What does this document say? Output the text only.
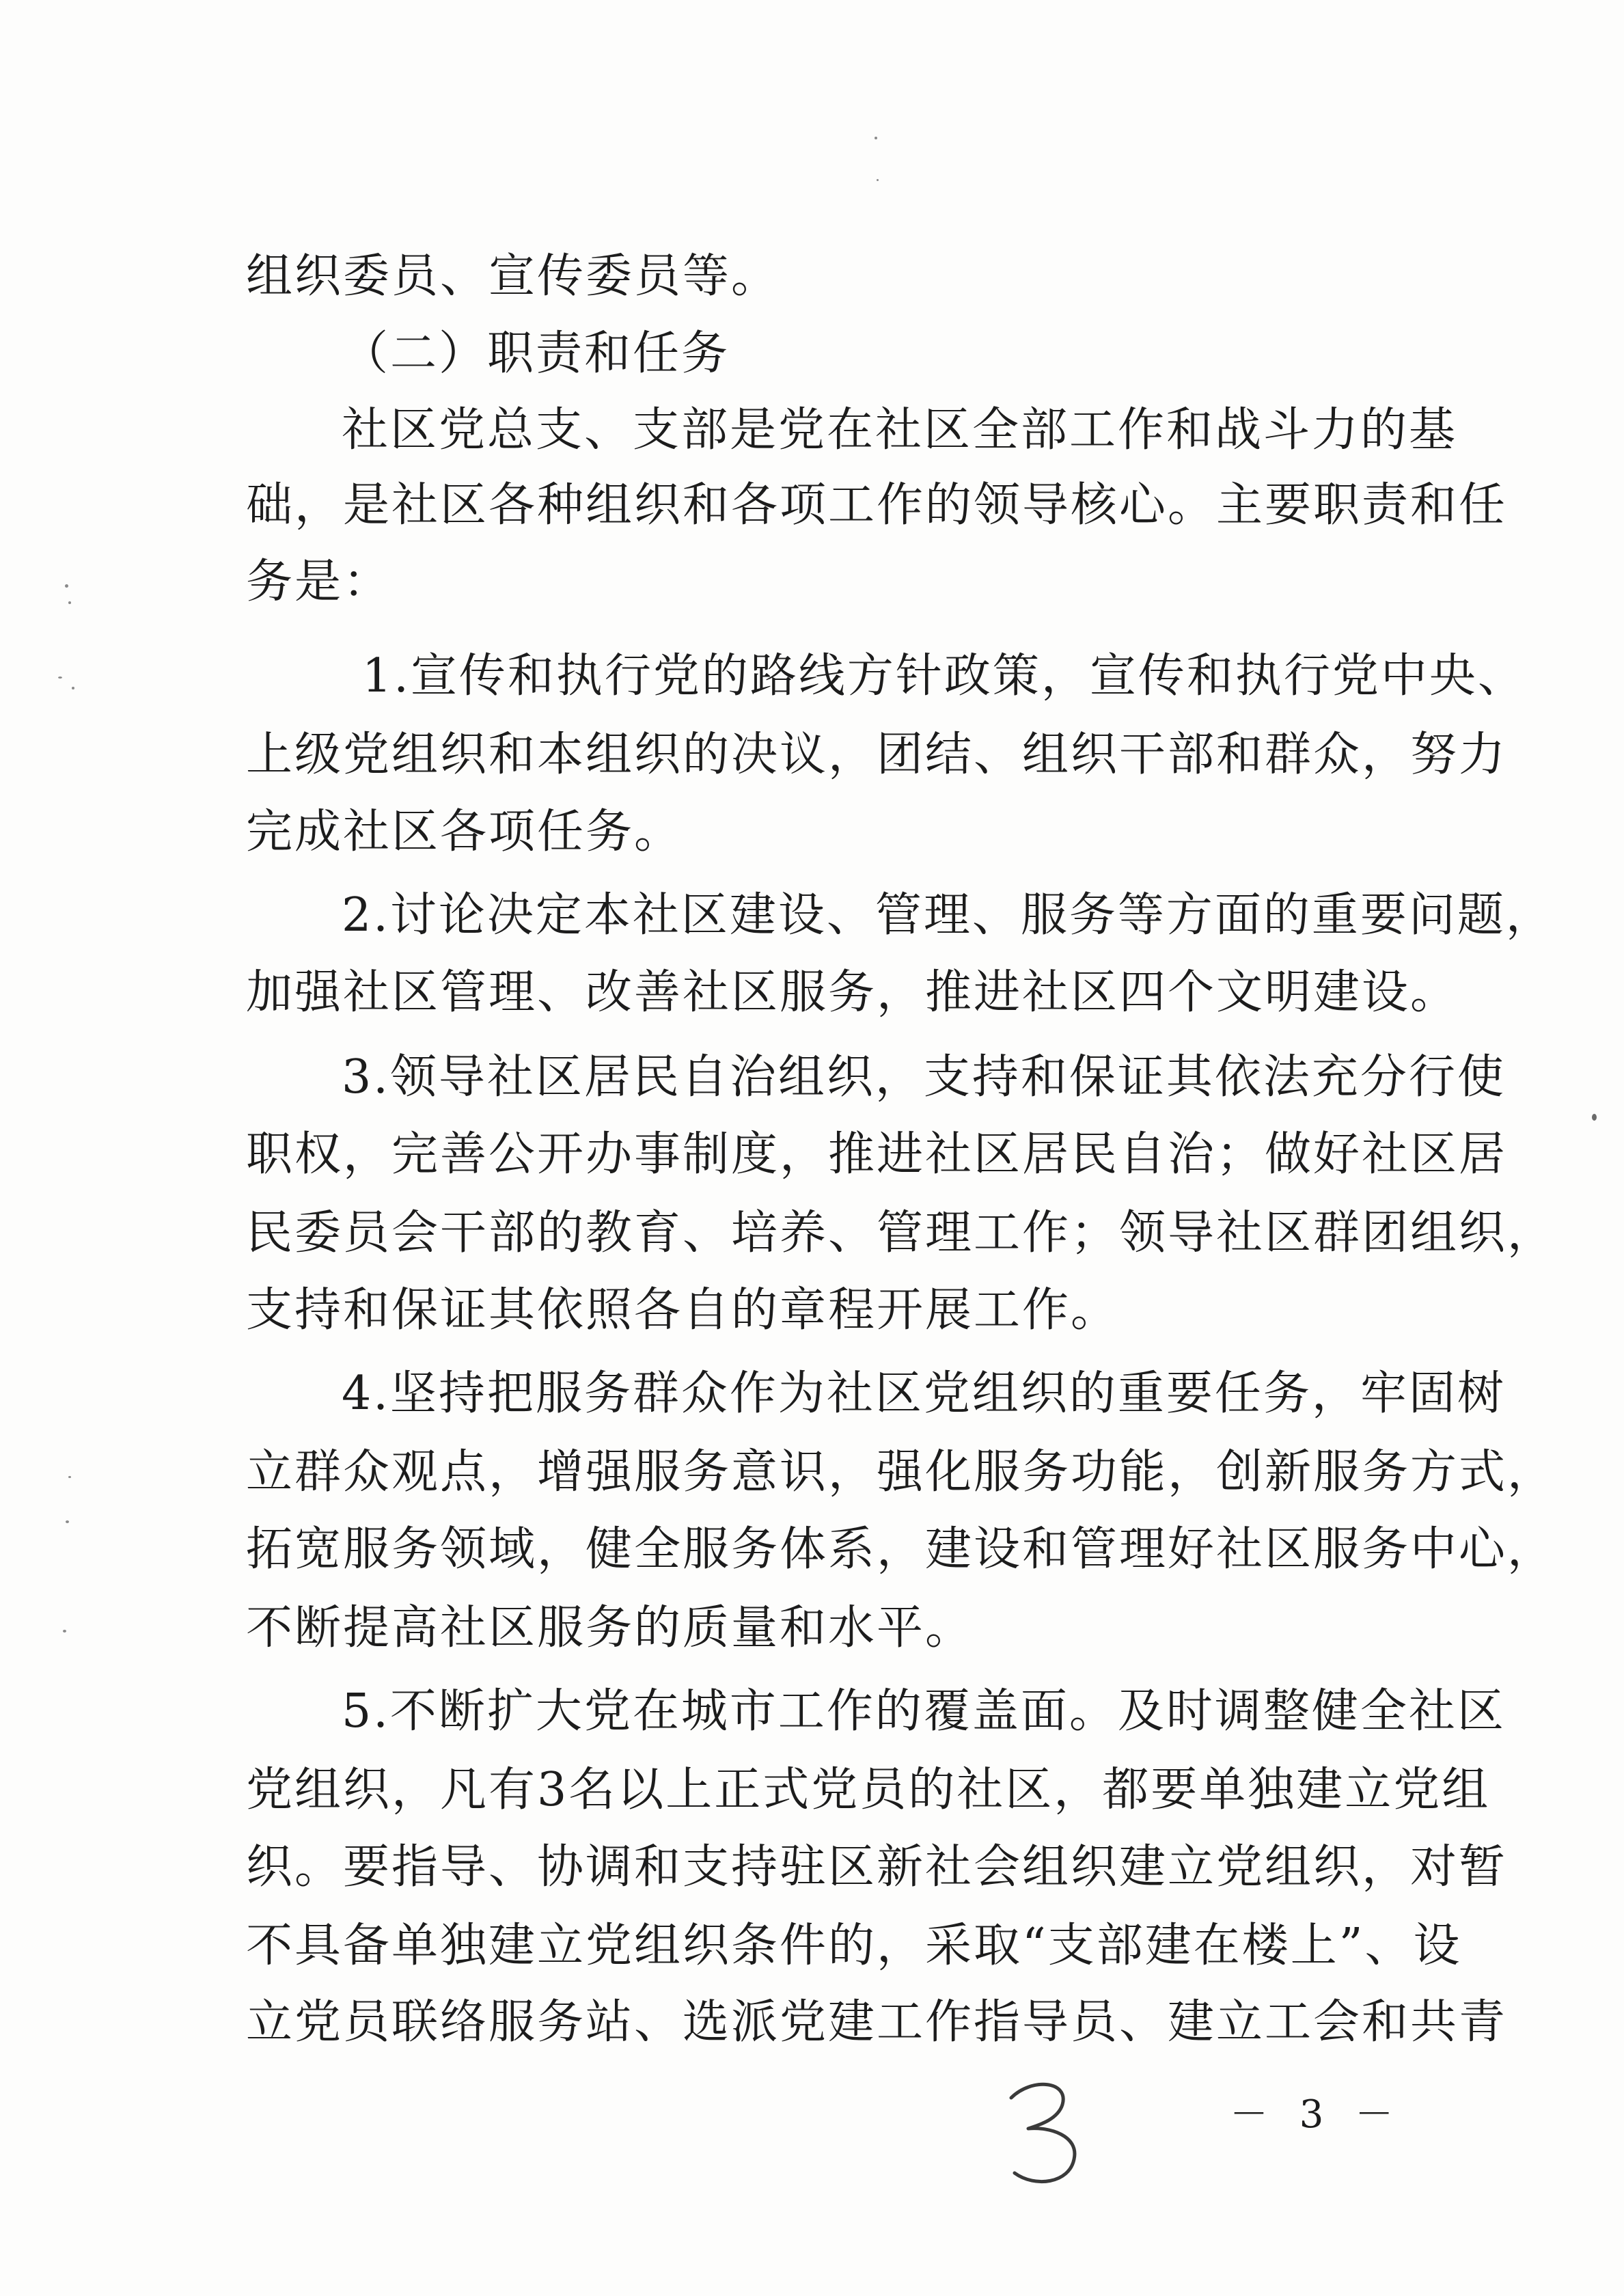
组织委员、宣传委员等。
（二）职责和任务
社区党总支、支部是党在社区全部工作和战斗力的基
础，是社区各种组织和各项工作的领导核心。主要职责和任
务是：
1.宣传和执行党的路线方针政策，宣传和执行党中央、
上级党组织和本组织的决议，团结、组织干部和群众，努力
完成社区各项任务。
2.讨论决定本社区建设、管理、服务等方面的重要问题，
加强社区管理、改善社区服务，推进社区四个文明建设。
3.领导社区居民自治组织，支持和保证其依法充分行使
职权，完善公开办事制度，推进社区居民自治；做好社区居
民委员会干部的教育、培养、管理工作；领导社区群团组织，
支持和保证其依照各自的章程开展工作。
4.坚持把服务群众作为社区党组织的重要任务，牢固树
立群众观点，增强服务意识，强化服务功能，创新服务方式，
拓宽服务领域，健全服务体系，建设和管理好社区服务中心，
不断提高社区服务的质量和水平。
5.不断扩大党在城市工作的覆盖面。及时调整健全社区
党组织，凡有3名以上正式党员的社区，都要单独建立党组
织。要指导、协调和支持驻区新社会组织建立党组织，对暂
不具备单独建立党组织条件的，采取“支部建在楼上”、设
立党员联络服务站、选派党建工作指导员、建立工会和共青
－ 3 －
